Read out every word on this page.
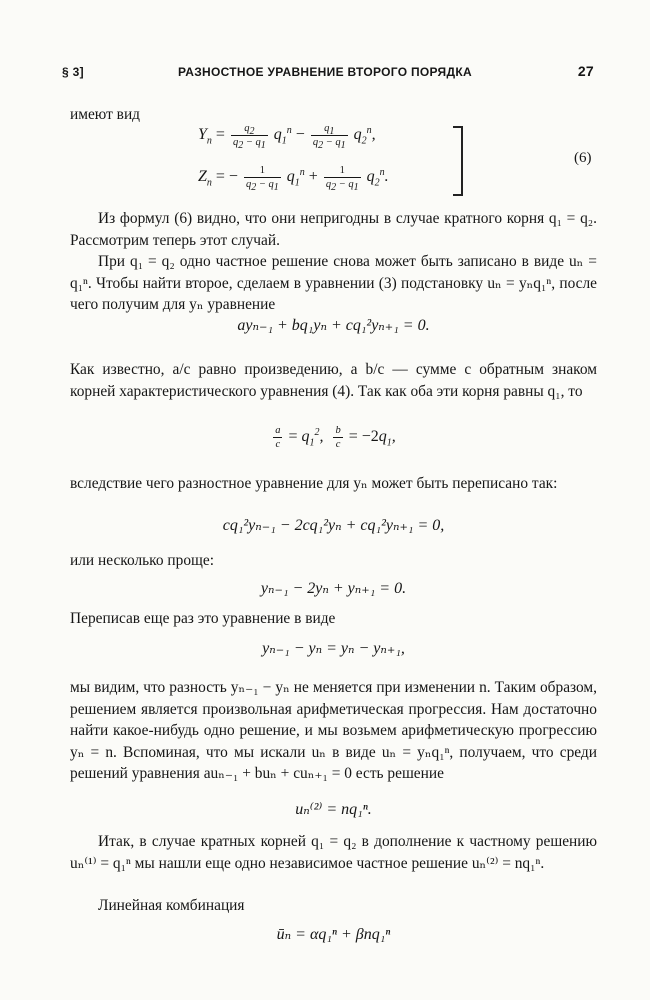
§ 3]	РАЗНОСТНОЕ УРАВНЕНИЕ ВТОРОГО ПОРЯДКА	27
имеют вид
$Y_n = \frac{q_2}{q_2 - q_1} q_1^n - \frac{q_1}{q_2 - q_1} q_2^n$,
$Z_n$ = − $\frac{1}{q_2 - q_1} q_1^n + \frac{1}{q_2 - q_1} q_2^n$.
(6)
Из формул (6) видно, что они непригодны в случае кратного корня q₁ = q₂. Рассмотрим теперь этот случай.
При q₁ = q₂ одно частное решение снова может быть записано в виде uₙ = q₁ⁿ. Чтобы найти второе, сделаем в уравнении (3) подстановку uₙ = yₙq₁ⁿ, после чего получим для yₙ уравнение
ayₙ₋₁ + bq₁yₙ + cq₁²yₙ₊₁ = 0.
Как известно, a/c равно произведению, а b/c — сумме с обратным знаком корней характеристического уравнения (4). Так как оба эти корня равны q₁, то
$\frac{a}{c} = q_1^2$, $\frac{b}{c} = -2q_1$,
вследствие чего разностное уравнение для yₙ может быть переписано так:
cq₁²yₙ₋₁ − 2cq₁²yₙ + cq₁²yₙ₊₁ = 0,
или несколько проще:
yₙ₋₁ − 2yₙ + yₙ₊₁ = 0.
Переписав еще раз это уравнение в виде
yₙ₋₁ − yₙ = yₙ − yₙ₊₁,
мы видим, что разность yₙ₋₁ − yₙ не меняется при изменении n. Таким образом, решением является произвольная арифметическая прогрессия. Нам достаточно найти какое-нибудь одно решение, и мы возьмем арифметическую прогрессию yₙ = n. Вспоминая, что мы искали uₙ в виде uₙ = yₙq₁ⁿ, получаем, что среди решений уравнения auₙ₋₁ + buₙ + cuₙ₊₁ = 0 есть решение
uₙ⁽²⁾ = nq₁ⁿ.
Итак, в случае кратных корней q₁ = q₂ в дополнение к частному решению uₙ⁽¹⁾ = q₁ⁿ мы нашли еще одно независимое частное решение uₙ⁽²⁾ = nq₁ⁿ.
Линейная комбинация
ūₙ = αq₁ⁿ + βnq₁ⁿ
